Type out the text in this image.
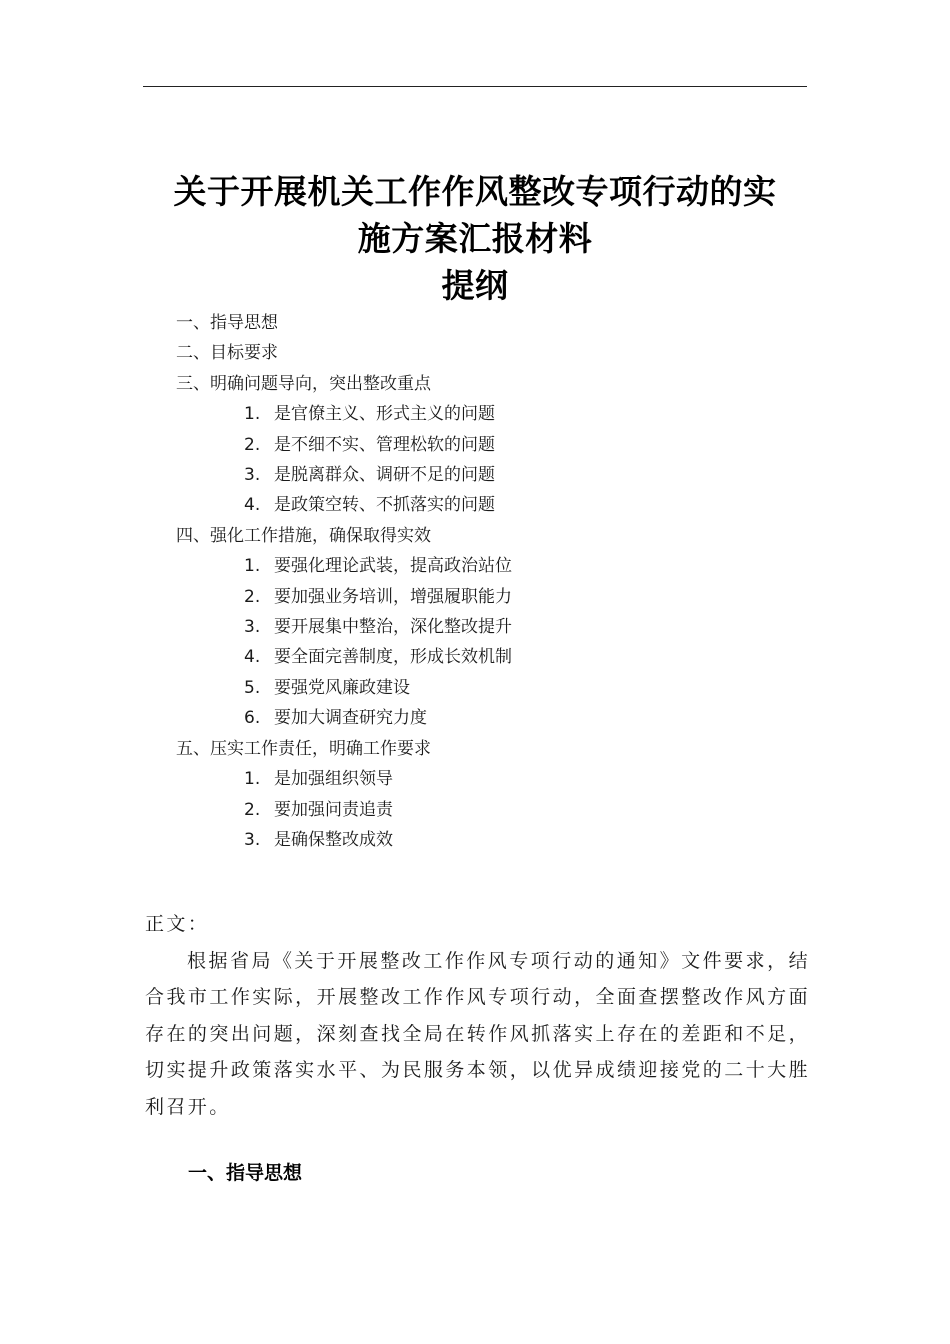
关于开展机关工作作风整改专项行动的实
施方案汇报材料
提纲
一、指导思想
二、目标要求
三、明确问题导向，突出整改重点
1. 是官僚主义、形式主义的问题
2. 是不细不实、管理松软的问题
3. 是脱离群众、调研不足的问题
4. 是政策空转、不抓落实的问题
四、强化工作措施，确保取得实效
1. 要强化理论武装，提高政治站位
2. 要加强业务培训，增强履职能力
3. 要开展集中整治，深化整改提升
4. 要全面完善制度，形成长效机制
5. 要强党风廉政建设
6. 要加大调查研究力度
五、压实工作责任，明确工作要求
1. 是加强组织领导
2. 要加强问责追责
3. 是确保整改成效
正文：
根据省局《关于开展整改工作作风专项行动的通知》文件要求，结合我市工作实际，开展整改工作作风专项行动，全面查摆整改作风方面存在的突出问题，深刻查找全局在转作风抓落实上存在的差距和不足，切实提升政策落实水平、为民服务本领，以优异成绩迎接党的二十大胜利召开。
一、指导思想
